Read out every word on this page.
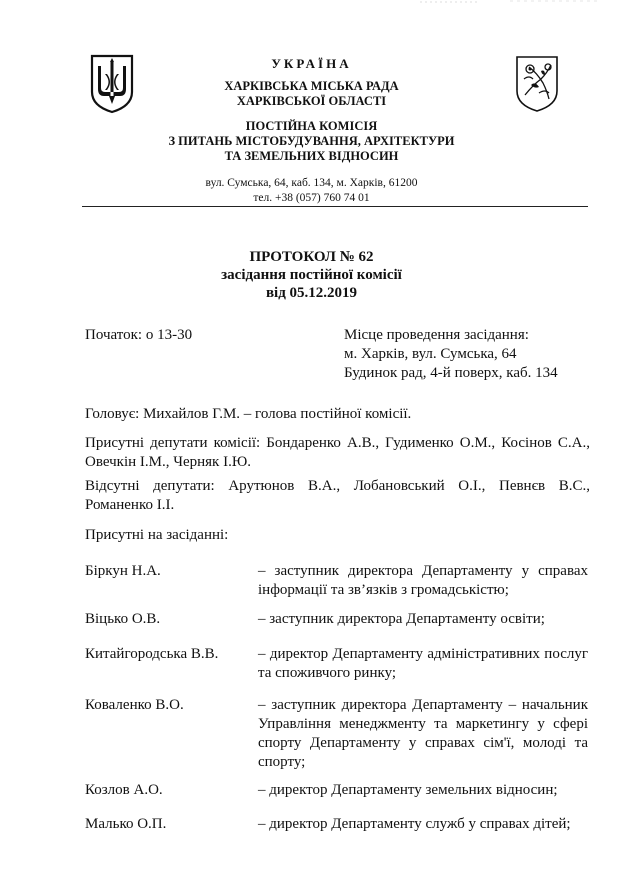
УКРАЇНА
ХАРКІВСЬКА МІСЬКА РАДА
ХАРКІВСЬКОЇ ОБЛАСТІ
ПОСТІЙНА КОМІСІЯ
З ПИТАНЬ МІСТОБУДУВАННЯ, АРХІТЕКТУРИ
ТА ЗЕМЕЛЬНИХ ВІДНОСИН
вул. Сумська, 64, каб. 134, м. Харків, 61200
тел. +38 (057) 760 74 01
ПРОТОКОЛ № 62
засідання постійної комісії
від 05.12.2019
Початок: о 13-30	Місце проведення засідання:
м. Харків, вул. Сумська, 64
Будинок рад, 4-й поверх, каб. 134
Головує: Михайлов Г.М. – голова постійної комісії.
Присутні депутати комісії: Бондаренко А.В., Гудименко О.М., Косінов С.А., Овечкін І.М., Черняк І.Ю.
Відсутні депутати: Арутюнов В.А., Лобановський О.І., Певнєв В.С., Романенко І.І.
Присутні на засіданні:
Біркун Н.А.	– заступник директора Департаменту у справах інформації та зв’язків з громадськістю;
Віцько О.В.	– заступник директора Департаменту освіти;
Китайгородська В.В.	– директор Департаменту адміністративних послуг та споживчого ринку;
Коваленко В.О.	– заступник директора Департаменту – начальник Управління менеджменту та маркетингу у сфері спорту Департаменту у справах сім'ї, молоді та спорту;
Козлов А.О.	– директор Департаменту земельних відносин;
Малько О.П.	– директор Департаменту служб у справах дітей;
